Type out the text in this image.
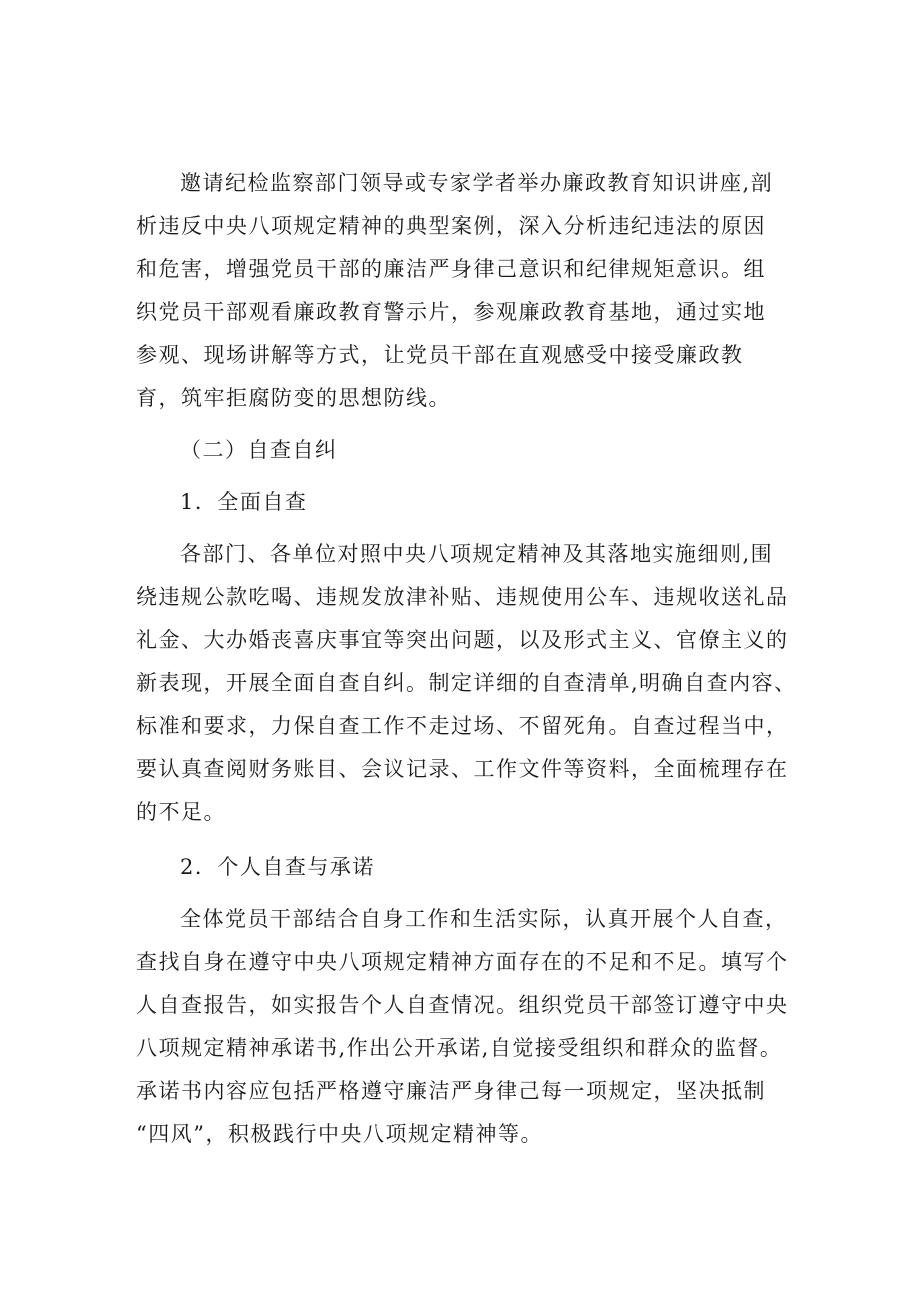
邀请纪检监察部门领导或专家学者举办廉政教育知识讲座,剖
析违反中央八项规定精神的典型案例，深入分析违纪违法的原因
和危害，增强党员干部的廉洁严身律己意识和纪律规矩意识。组
织党员干部观看廉政教育警示片，参观廉政教育基地，通过实地
参观、现场讲解等方式，让党员干部在直观感受中接受廉政教
育，筑牢拒腐防变的思想防线。

（二）自查自纠

1．全面自查

各部门、各单位对照中央八项规定精神及其落地实施细则,围
绕违规公款吃喝、违规发放津补贴、违规使用公车、违规收送礼品
礼金、大办婚丧喜庆事宜等突出问题，以及形式主义、官僚主义的
新表现，开展全面自查自纠。制定详细的自查清单,明确自查内容、
标准和要求，力保自查工作不走过场、不留死角。自查过程当中，
要认真查阅财务账目、会议记录、工作文件等资料，全面梳理存在
的不足。

2．个人自查与承诺

全体党员干部结合自身工作和生活实际，认真开展个人自查，
查找自身在遵守中央八项规定精神方面存在的不足和不足。填写个
人自查报告，如实报告个人自查情况。组织党员干部签订遵守中央
八项规定精神承诺书,作出公开承诺,自觉接受组织和群众的监督。
承诺书内容应包括严格遵守廉洁严身律己每一项规定，坚决抵制
“四风”，积极践行中央八项规定精神等。
